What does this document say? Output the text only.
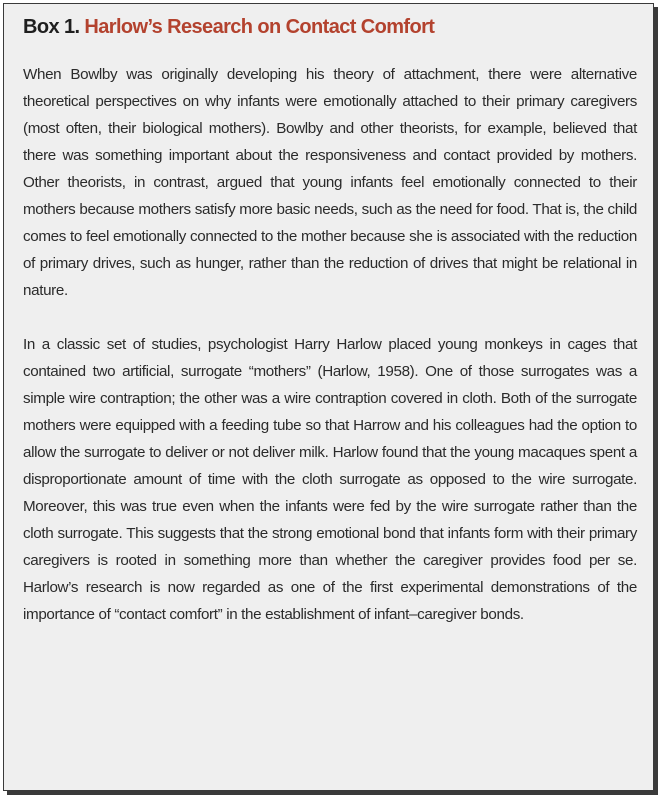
Box 1. Harlow’s Research on Contact Comfort

When Bowlby was originally developing his theory of attachment, there were alternative theoretical perspectives on why infants were emotionally attached to their primary caregivers (most often, their biological mothers). Bowlby and other theorists, for example, believed that there was something important about the responsiveness and contact provided by mothers. Other theorists, in contrast, argued that young infants feel emotionally connected to their mothers because mothers satisfy more basic needs, such as the need for food. That is, the child comes to feel emotionally connected to the mother because she is associated with the reduction of primary drives, such as hunger, rather than the reduction of drives that might be relational in nature.

In a classic set of studies, psychologist Harry Harlow placed young monkeys in cages that contained two artificial, surrogate “mothers” (Harlow, 1958). One of those surrogates was a simple wire contraption; the other was a wire contraption covered in cloth. Both of the surrogate mothers were equipped with a feeding tube so that Harrow and his colleagues had the option to allow the surrogate to deliver or not deliver milk. Harlow found that the young macaques spent a disproportionate amount of time with the cloth surrogate as opposed to the wire surrogate. Moreover, this was true even when the infants were fed by the wire surrogate rather than the cloth surrogate. This suggests that the strong emotional bond that infants form with their primary caregivers is rooted in something more than whether the caregiver provides food per se. Harlow’s research is now regarded as one of the first experimental demonstrations of the importance of “contact comfort” in the establishment of infant–caregiver bonds.
